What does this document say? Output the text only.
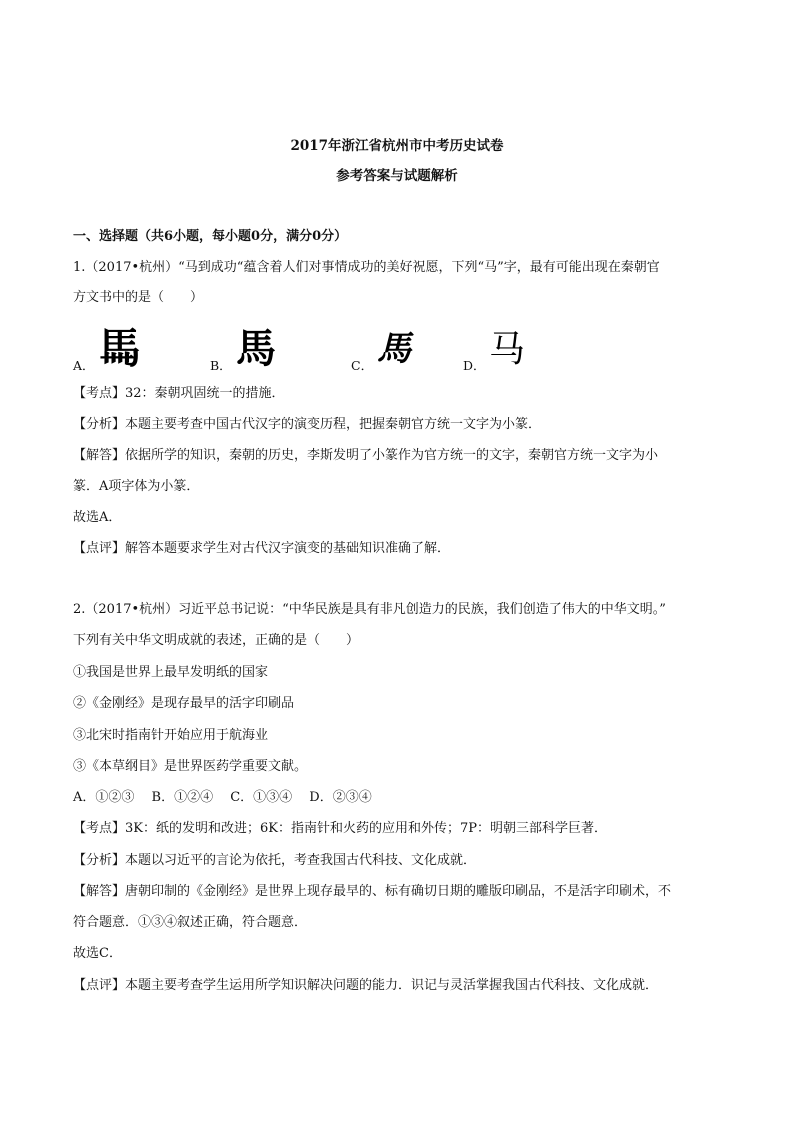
2017年浙江省杭州市中考历史试卷
参考答案与试题解析
一、选择题（共6小题，每小题0分，满分0分）
1.（2017•杭州）“马到成功“蕴含着人们对事情成功的美好祝愿，下列“马”字，最有可能出现在秦朝官
方文书中的是（　　）
A． 𩡧	B． 馬	C． 馬	D． 马
【考点】32：秦朝巩固统一的措施．
【分析】本题主要考查中国古代汉字的演变历程，把握秦朝官方统一文字为小篆．
【解答】依据所学的知识，秦朝的历史，李斯发明了小篆作为官方统一的文字，秦朝官方统一文字为小
篆．A项字体为小篆．
故选A．
【点评】解答本题要求学生对古代汉字演变的基础知识准确了解．
2.（2017•杭州）习近平总书记说：“中华民族是具有非凡创造力的民族，我们创造了伟大的中华文明。”
下列有关中华文明成就的表述，正确的是（　　）
①我国是世界上最早发明纸的国家
②《金刚经》是现存最早的活字印刷品
③北宋时指南针开始应用于航海业
③《本草纲目》是世界医药学重要文献。
A．①②③　 B．①②④　 C．①③④　 D．②③④
【考点】3K：纸的发明和改进；6K：指南针和火药的应用和外传；7P：明朝三部科学巨著．
【分析】本题以习近平的言论为依托，考查我国古代科技、文化成就．
【解答】唐朝印制的《金刚经》是世界上现存最早的、标有确切日期的雕版印刷品，不是活字印刷术，不
符合题意．①③④叙述正确，符合题意．
故选C．
【点评】本题主要考查学生运用所学知识解决问题的能力．识记与灵活掌握我国古代科技、文化成就．
